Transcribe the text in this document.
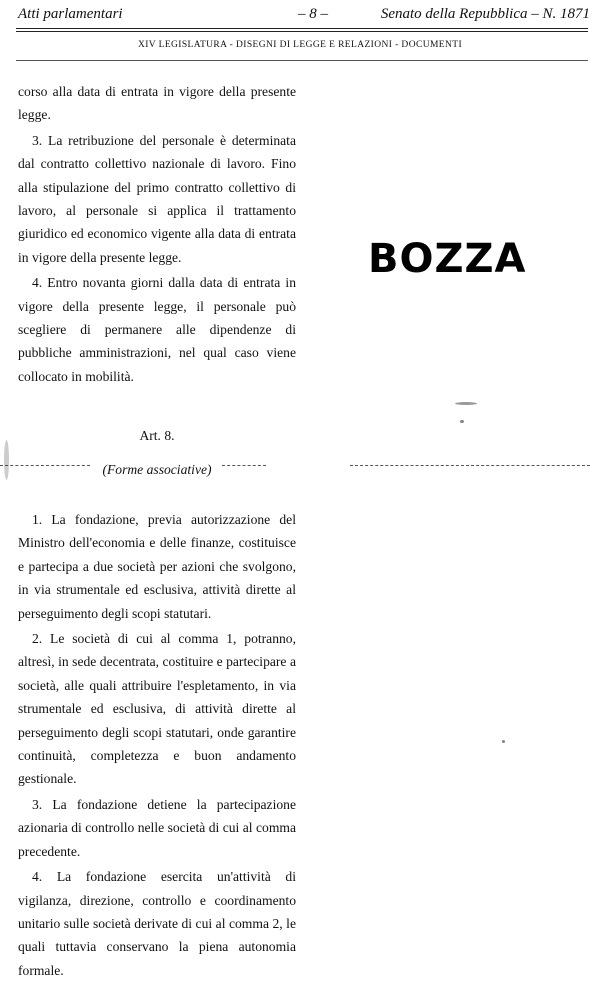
Atti parlamentari	– 8 –	Senato della Repubblica – N. 1871
XIV LEGISLATURA - DISEGNI DI LEGGE E RELAZIONI - DOCUMENTI

corso alla data di entrata in vigore della presente legge.

3. La retribuzione del personale è determinata dal contratto collettivo nazionale di lavoro. Fino alla stipulazione del primo contratto collettivo di lavoro, al personale si applica il trattamento giuridico ed economico vigente alla data di entrata in vigore della presente legge.

4. Entro novanta giorni dalla data di entrata in vigore della presente legge, il personale può scegliere di permanere alle dipendenze di pubbliche amministrazioni, nel qual caso viene collocato in mobilità.

BOZZA
Art. 8.
(Forme associative)

1. La fondazione, previa autorizzazione del Ministro dell'economia e delle finanze, costituisce e partecipa a due società per azioni che svolgono, in via strumentale ed esclusiva, attività dirette al perseguimento degli scopi statutari.

2. Le società di cui al comma 1, potranno, altresì, in sede decentrata, costituire e partecipare a società, alle quali attribuire l'espletamento, in via strumentale ed esclusiva, di attività dirette al perseguimento degli scopi statutari, onde garantire continuità, completezza e buon andamento gestionale.

3. La fondazione detiene la partecipazione azionaria di controllo nelle società di cui al comma precedente.

4. La fondazione esercita un'attività di vigilanza, direzione, controllo e coordinamento unitario sulle società derivate di cui al comma 2, le quali tuttavia conservano la piena autonomia formale.
